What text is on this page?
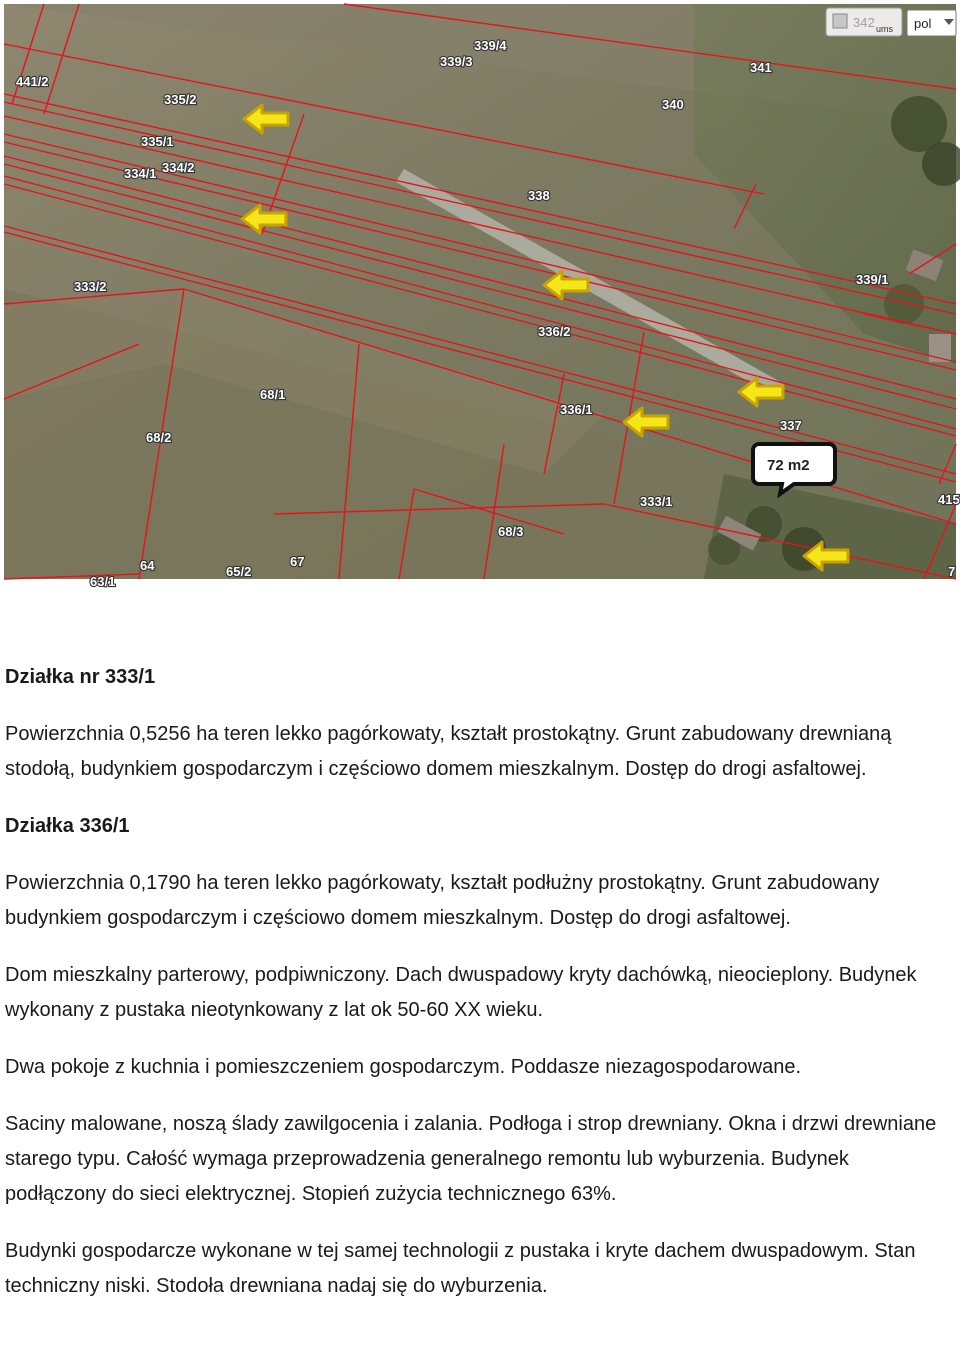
339/4
339/3	341
441/2
335/2	340
335/1
334/1 334/2
338
333/2	339/1
336/2
68/1
336/1
337
68/2
333/1	415
68/3
64	65/2
67
63/1
7
72 m2
342 ums pol
Działka nr 333/1

Powierzchnia 0,5256 ha teren lekko pagórkowaty, kształt prostokątny. Grunt zabudowany drewnianą stodołą, budynkiem gospodarczym i częściowo domem mieszkalnym. Dostęp do drogi asfaltowej.

Działka 336/1

Powierzchnia 0,1790 ha teren lekko pagórkowaty, kształt podłużny prostokątny. Grunt zabudowany budynkiem gospodarczym i częściowo domem mieszkalnym. Dostęp do drogi asfaltowej.

Dom mieszkalny parterowy, podpiwniczony. Dach dwuspadowy kryty dachówką, nieocieplony. Budynek wykonany z pustaka nieotynkowany z lat ok 50-60 XX wieku.

Dwa pokoje z kuchnia i pomieszczeniem gospodarczym. Poddasze niezagospodarowane.

Saciny malowane, noszą ślady zawilgocenia i zalania. Podłoga i strop drewniany. Okna i drzwi drewniane starego typu. Całość wymaga przeprowadzenia generalnego remontu lub wyburzenia. Budynek podłączony do sieci elektrycznej. Stopień zużycia technicznego 63%.

Budynki gospodarcze wykonane w tej samej technologii z pustaka i kryte dachem dwuspadowym. Stan techniczny niski. Stodoła drewniana nadaj się do wyburzenia.
